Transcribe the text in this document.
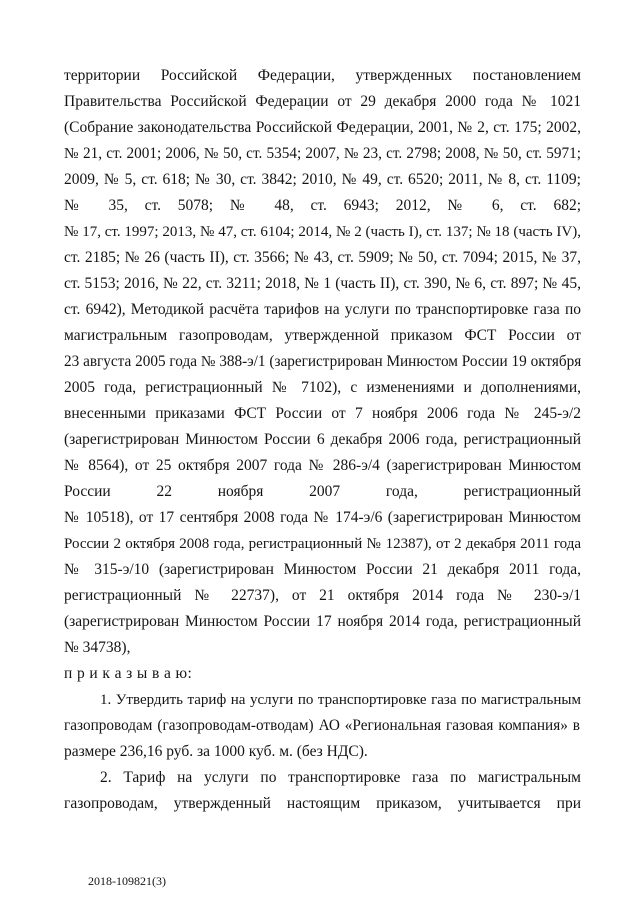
территории Российской Федерации, утвержденных постановлением
Правительства Российской Федерации от 29 декабря 2000 года № 1021
(Собрание законодательства Российской Федерации, 2001, № 2, ст. 175; 2002,
№ 21, ст. 2001; 2006, № 50, ст. 5354; 2007, № 23, ст. 2798; 2008, № 50, ст. 5971;
2009, № 5, ст. 618; № 30, ст. 3842; 2010, № 49, ст. 6520; 2011, № 8, ст. 1109;
№ 35, ст. 5078; № 48, ст. 6943; 2012, № 6, ст. 682;
№ 17, ст. 1997; 2013, № 47, ст. 6104; 2014, № 2 (часть I), ст. 137; № 18 (часть IV),
ст. 2185; № 26 (часть II), ст. 3566; № 43, ст. 5909; № 50, ст. 7094; 2015, № 37,
ст. 5153; 2016, № 22, ст. 3211; 2018, № 1 (часть II), ст. 390, № 6, ст. 897; № 45,
ст. 6942), Методикой расчёта тарифов на услуги по транспортировке газа по
магистральным газопроводам, утвержденной приказом ФСТ России от
23 августа 2005 года № 388-э/1 (зарегистрирован Минюстом России 19 октября
2005 года, регистрационный № 7102), с изменениями и дополнениями,
внесенными приказами ФСТ России от 7 ноября 2006 года № 245-э/2
(зарегистрирован Минюстом России 6 декабря 2006 года, регистрационный
№ 8564), от 25 октября 2007 года № 286-э/4 (зарегистрирован Минюстом
России 22 ноября 2007 года, регистрационный
№ 10518), от 17 сентября 2008 года № 174-э/6 (зарегистрирован Минюстом
России 2 октября 2008 года, регистрационный № 12387), от 2 декабря 2011 года
№ 315-э/10 (зарегистрирован Минюстом России 21 декабря 2011 года,
регистрационный № 22737), от 21 октября 2014 года № 230-э/1
(зарегистрирован Минюстом России 17 ноября 2014 года, регистрационный
№ 34738),
п р и к а з ы в а ю:
1. Утвердить тариф на услуги по транспортировке газа по магистральным
газопроводам (газопроводам-отводам) АО «Региональная газовая компания» в
размере 236,16 руб. за 1000 куб. м. (без НДС).
2. Тариф на услуги по транспортировке газа по магистральным
газопроводам, утвержденный настоящим приказом, учитывается при
2018-109821(3)
